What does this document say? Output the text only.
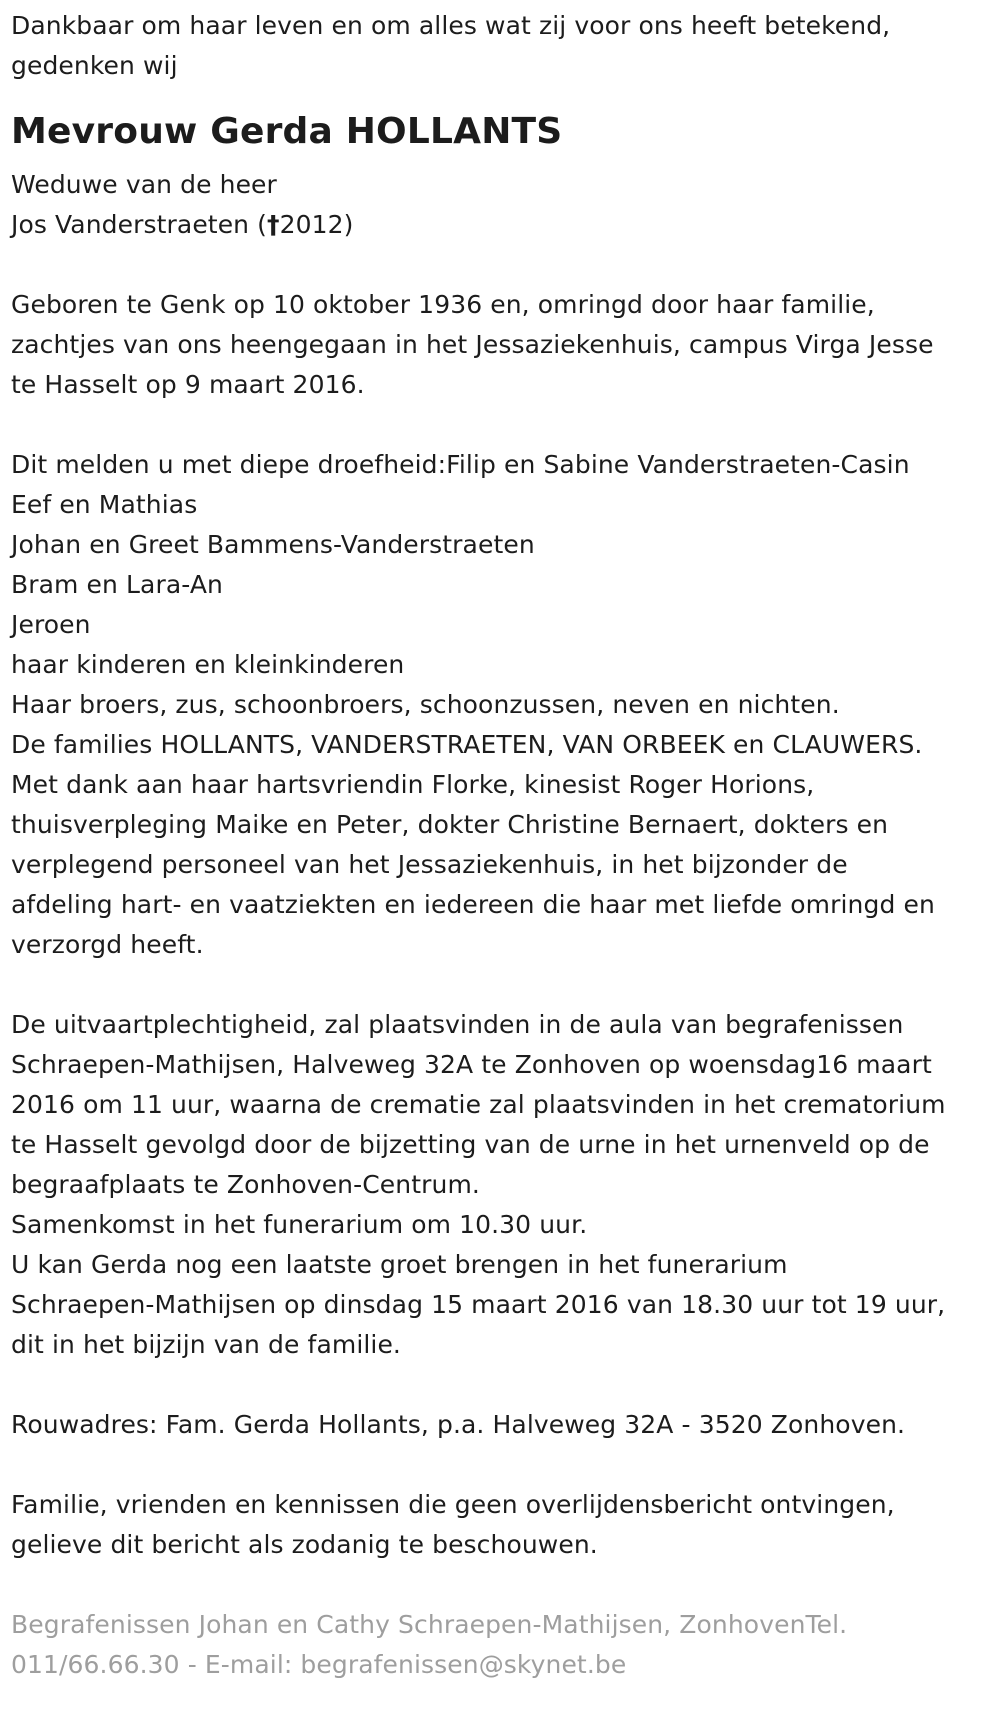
Dankbaar om haar leven en om alles wat zij voor ons heeft betekend,
gedenken wij
Mevrouw Gerda HOLLANTS
Weduwe van de heer
Jos Vanderstraeten (†2012)
Geboren te Genk op 10 oktober 1936 en, omringd door haar familie,
zachtjes van ons heengegaan in het Jessaziekenhuis, campus Virga Jesse
te Hasselt op 9 maart 2016.
Dit melden u met diepe droefheid:Filip en Sabine Vanderstraeten-Casin
Eef en Mathias
Johan en Greet Bammens-Vanderstraeten
Bram en Lara-An
Jeroen
haar kinderen en kleinkinderen
Haar broers, zus, schoonbroers, schoonzussen, neven en nichten.
De families HOLLANTS, VANDERSTRAETEN, VAN ORBEEK en CLAUWERS.
Met dank aan haar hartsvriendin Florke, kinesist Roger Horions,
thuisverpleging Maike en Peter, dokter Christine Bernaert, dokters en
verplegend personeel van het Jessaziekenhuis, in het bijzonder de
afdeling hart- en vaatziekten en iedereen die haar met liefde omringd en
verzorgd heeft.
De uitvaartplechtigheid, zal plaatsvinden in de aula van begrafenissen
Schraepen-Mathijsen, Halveweg 32A te Zonhoven op woensdag16 maart
2016 om 11 uur, waarna de crematie zal plaatsvinden in het crematorium
te Hasselt gevolgd door de bijzetting van de urne in het urnenveld op de
begraafplaats te Zonhoven-Centrum.
Samenkomst in het funerarium om 10.30 uur.
U kan Gerda nog een laatste groet brengen in het funerarium
Schraepen-Mathijsen op dinsdag 15 maart 2016 van 18.30 uur tot 19 uur,
dit in het bijzijn van de familie.
Rouwadres: Fam. Gerda Hollants, p.a. Halveweg 32A - 3520 Zonhoven.
Familie, vrienden en kennissen die geen overlijdensbericht ontvingen,
gelieve dit bericht als zodanig te beschouwen.
Begrafenissen Johan en Cathy Schraepen-Mathijsen, ZonhovenTel.
011/66.66.30 - E-mail: begrafenissen@skynet.be
